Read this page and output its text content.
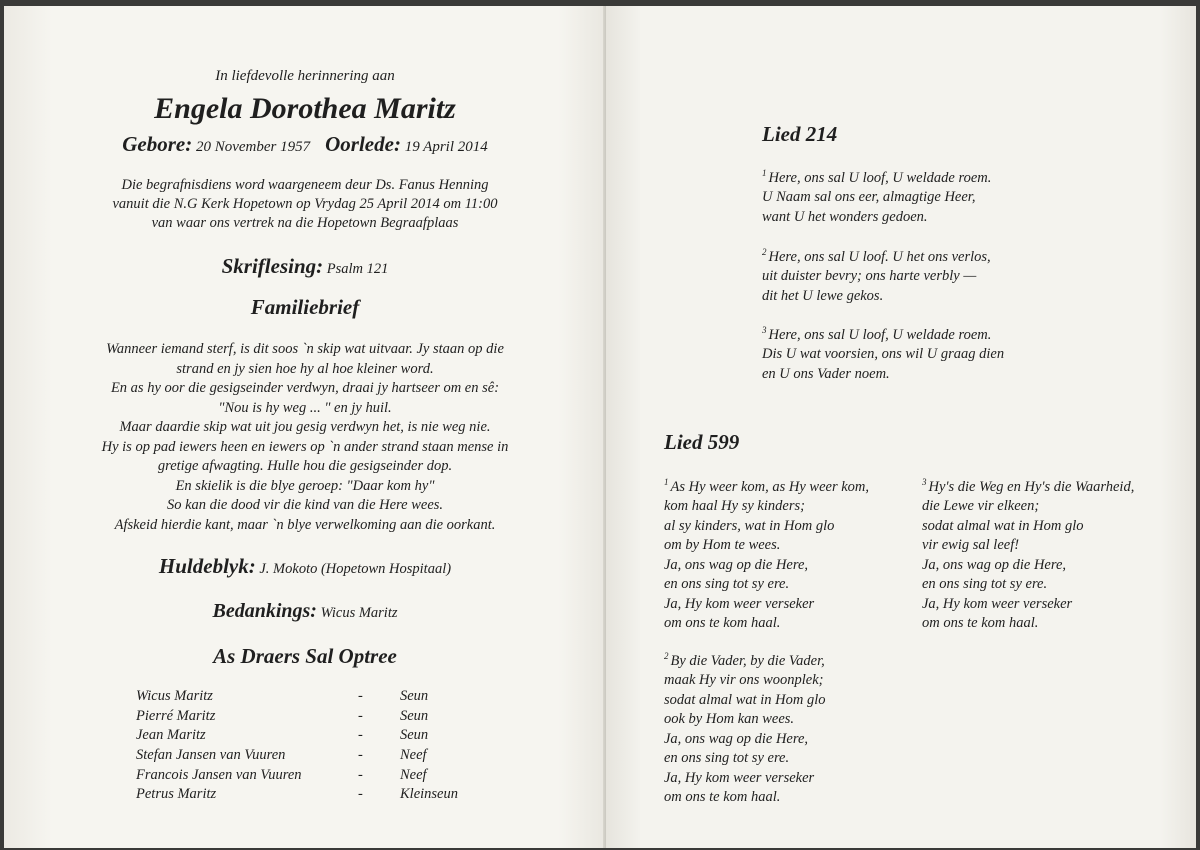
In liefdevolle herinnering aan
Engela Dorothea Maritz
Gebore: 20 November 1957 Oorlede: 19 April 2014
Die begrafnisdiens word waargeneem deur Ds. Fanus Henning
vanuit die N.G Kerk Hopetown op Vrydag 25 April 2014 om 11:00
van waar ons vertrek na die Hopetown Begraafplaas
Skriflesing: Psalm 121
Familiebrief
Wanneer iemand sterf, is dit soos `n skip wat uitvaar. Jy staan op die
strand en jy sien hoe hy al hoe kleiner word.
En as hy oor die gesigseinder verdwyn, draai jy hartseer om en sê:
"Nou is hy weg ... " en jy huil.
Maar daardie skip wat uit jou gesig verdwyn het, is nie weg nie.
Hy is op pad iewers heen en iewers op `n ander strand staan mense in
gretige afwagting. Hulle hou die gesigseinder dop.
En skielik is die blye geroep: "Daar kom hy"
So kan die dood vir die kind van die Here wees.
Afskeid hierdie kant, maar `n blye verwelkoming aan die oorkant.
Huldeblyk: J. Mokoto (Hopetown Hospitaal)
Bedankings: Wicus Maritz
As Draers Sal Optree
Wicus Maritz	-	Seun
Pierré Maritz	-	Seun
Jean Maritz	-	Seun
Stefan Jansen van Vuuren	-	Neef
Francois Jansen van Vuuren	-	Neef
Petrus Maritz	-	Kleinseun
Lied 214
$^1$ Here, ons sal U loof, U weldade roem.
U Naam sal ons eer, almagtige Heer,
want U het wonders gedoen.
$^2$ Here, ons sal U loof. U het ons verlos,
uit duister bevry; ons harte verbly —
dit het U lewe gekos.
$^3$ Here, ons sal U loof, U weldade roem.
Dis U wat voorsien, ons wil U graag dien
en U ons Vader noem.
Lied 599
$^1$ As Hy weer kom, as Hy weer kom,
kom haal Hy sy kinders;
al sy kinders, wat in Hom glo
om by Hom te wees.
Ja, ons wag op die Here,
en ons sing tot sy ere.
Ja, Hy kom weer verseker
om ons te kom haal.
$^2$ By die Vader, by die Vader,
maak Hy vir ons woonplek;
sodat almal wat in Hom glo
ook by Hom kan wees.
Ja, ons wag op die Here,
en ons sing tot sy ere.
Ja, Hy kom weer verseker
om ons te kom haal.
$^3$ Hy's die Weg en Hy's die Waarheid,
die Lewe vir elkeen;
sodat almal wat in Hom glo
vir ewig sal leef!
Ja, ons wag op die Here,
en ons sing tot sy ere.
Ja, Hy kom weer verseker
om ons te kom haal.
